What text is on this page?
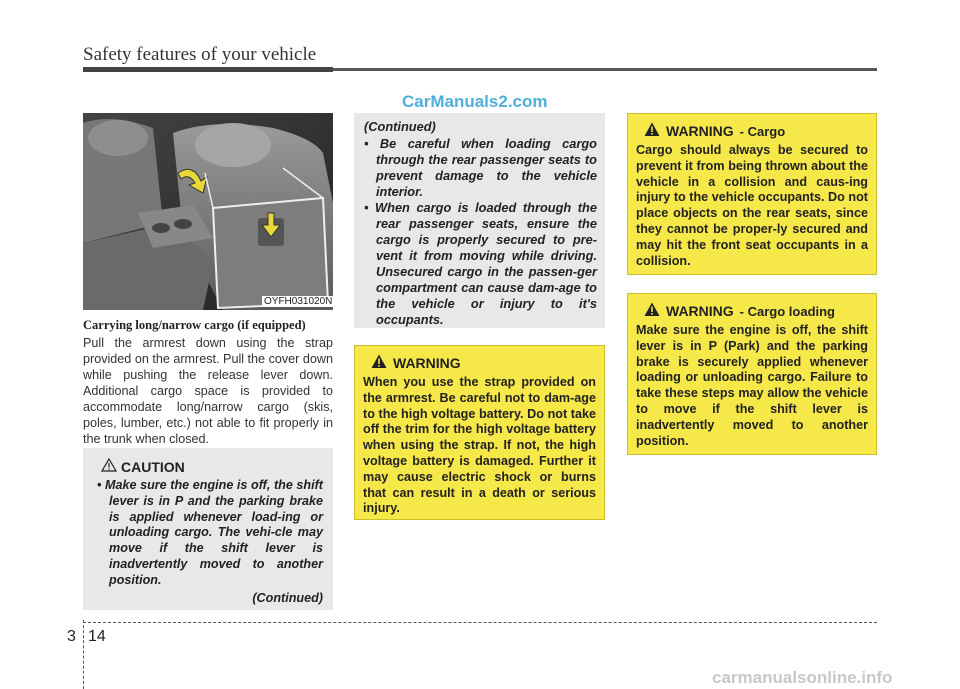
Safety features of your vehicle
CarManuals2.com
OYFH031020N
Carrying long/narrow cargo (if equipped)
Pull the armrest down using the strap provided on the armrest. Pull the cover down while pushing the release lever down. Additional cargo space is provided to accommodate long/narrow cargo (skis, poles, lumber, etc.) not able to fit properly in the trunk when closed.
CAUTION
• Make sure the engine is off, the shift lever is in P and the parking brake is applied whenever load-ing or unloading cargo. The vehi-cle may move if the shift lever is inadvertently moved to another position.
(Continued)
(Continued)
• Be careful when loading cargo through the rear passenger seats to prevent damage to the vehicle interior.
• When cargo is loaded through the rear passenger seats, ensure the cargo is properly secured to pre-vent it from moving while driving. Unsecured cargo in the passen-ger compartment can cause dam-age to the vehicle or injury to it's occupants.
WARNING
When you use the strap provided on the armrest. Be careful not to dam-age to the high voltage battery. Do not take off the trim for the high voltage battery when using the strap. If not, the high voltage battery is damaged. Further it may cause electric shock or burns that can result in a death or serious injury.
WARNING - Cargo
Cargo should always be secured to prevent it from being thrown about the vehicle in a collision and caus-ing injury to the vehicle occupants. Do not place objects on the rear seats, since they cannot be proper-ly secured and may hit the front seat occupants in a collision.
WARNING - Cargo loading
Make sure the engine is off, the shift lever is in P (Park) and the parking brake is securely applied whenever loading or unloading cargo. Failure to take these steps may allow the vehicle to move if the shift lever is inadvertently moved to another position.
3 14
carmanualsonline.info
